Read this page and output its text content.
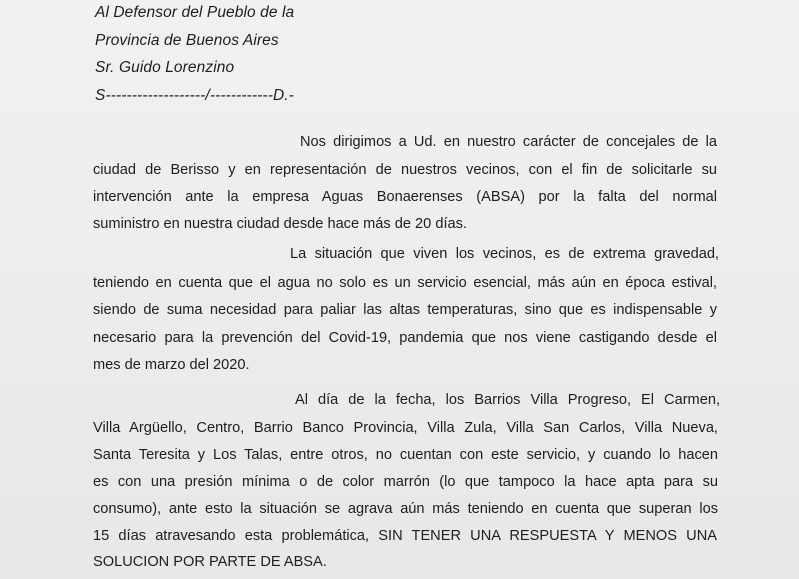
Al Defensor del Pueblo de la
Provincia de Buenos Aires
Sr. Guido Lorenzino
S-------------------/------------D.-
Nos dirigimos a Ud. en nuestro carácter de concejales de la
ciudad de Berisso y en representación de nuestros vecinos, con el fin de solicitarle su
intervención ante la empresa Aguas Bonaerenses (ABSA) por la falta del normal
suministro en nuestra ciudad desde hace más de 20 días.
La situación que viven los vecinos, es de extrema gravedad,
teniendo en cuenta que el agua no solo es un servicio esencial, más aún en época estival,
siendo de suma necesidad para paliar las altas temperaturas, sino que es indispensable y
necesario para la prevención del Covid-19, pandemia que nos viene castigando desde el
mes de marzo del 2020.
Al día de la fecha, los Barrios Villa Progreso, El Carmen,
Villa Argüello, Centro, Barrio Banco Provincia, Villa Zula, Villa San Carlos, Villa Nueva,
Santa Teresita y Los Talas, entre otros, no cuentan con este servicio, y cuando lo hacen
es con una presión mínima o de color marrón (lo que tampoco la hace apta para su
consumo), ante esto la situación se agrava aún más teniendo en cuenta que superan los
15 días atravesando esta problemática, SIN TENER UNA RESPUESTA Y MENOS UNA
SOLUCION POR PARTE DE ABSA.
